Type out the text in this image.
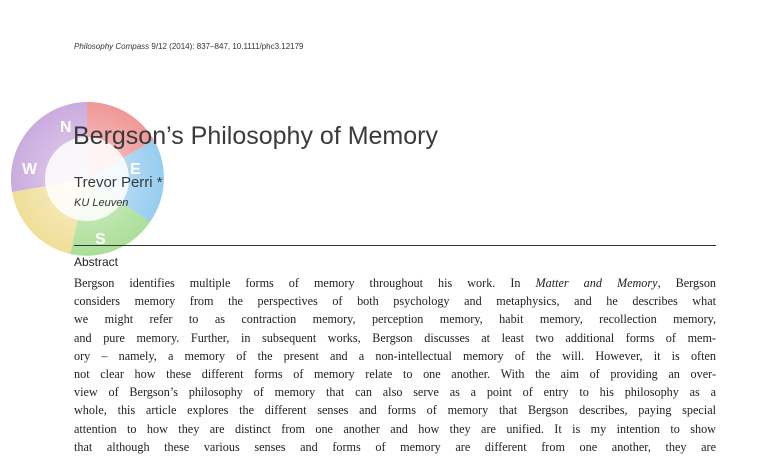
Philosophy Compass 9/12 (2014): 837–847, 10.1111/phc3.12179
Bergson’s Philosophy of Memory
Trevor Perri *
KU Leuven
Abstract
Bergson identifies multiple forms of memory throughout his work. In Matter and Memory, Bergson
considers memory from the perspectives of both psychology and metaphysics, and he describes what
we might refer to as contraction memory, perception memory, habit memory, recollection memory,
and pure memory. Further, in subsequent works, Bergson discusses at least two additional forms of mem-
ory – namely, a memory of the present and a non-intellectual memory of the will. However, it is often
not clear how these different forms of memory relate to one another. With the aim of providing an over-
view of Bergson’s philosophy of memory that can also serve as a point of entry to his philosophy as a
whole, this article explores the different senses and forms of memory that Bergson describes, paying special
attention to how they are distinct from one another and how they are unified. It is my intention to show
that although these various senses and forms of memory are different from one another, they are
